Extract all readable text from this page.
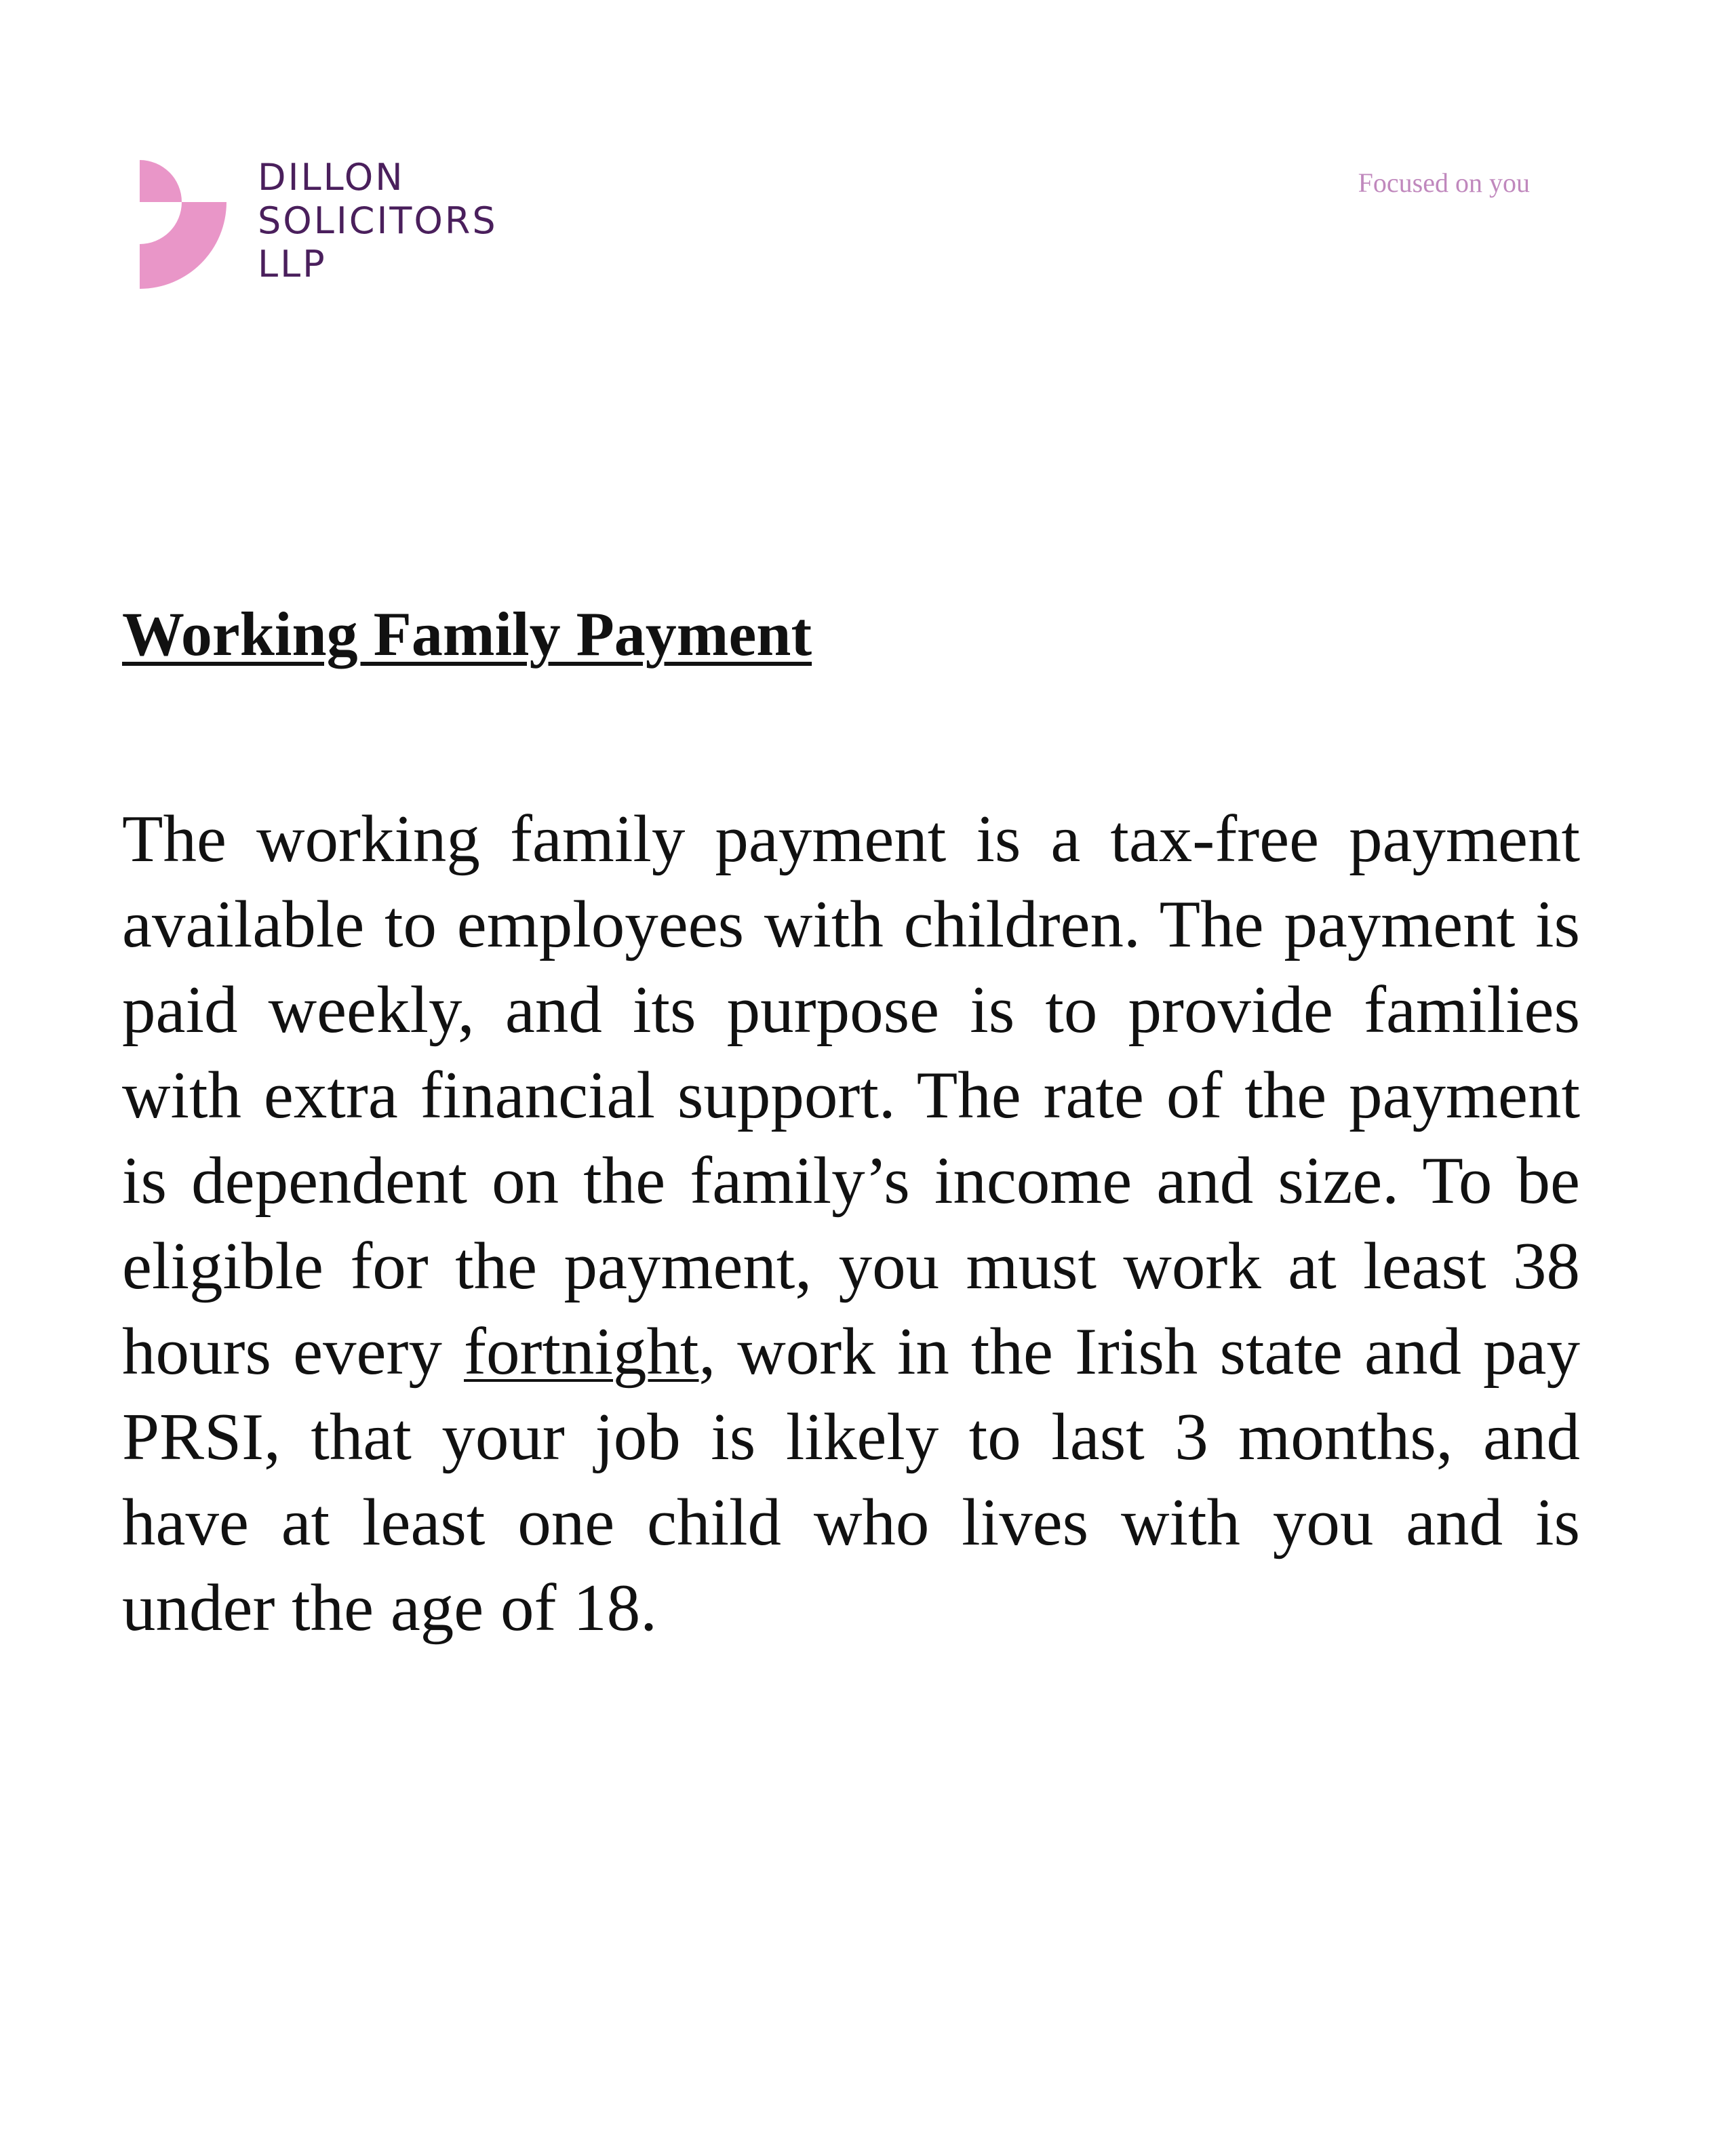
DILLON
SOLICITORS
LLP

Focused on you

Working Family Payment

The working family payment is a tax-free payment available to employees with children. The payment is paid weekly, and its purpose is to provide families with extra financial support. The rate of the payment is dependent on the family’s income and size. To be eligible for the payment, you must work at least 38 hours every fortnight, work in the Irish state and pay PRSI, that your job is likely to last 3 months, and have at least one child who lives with you and is under the age of 18.
